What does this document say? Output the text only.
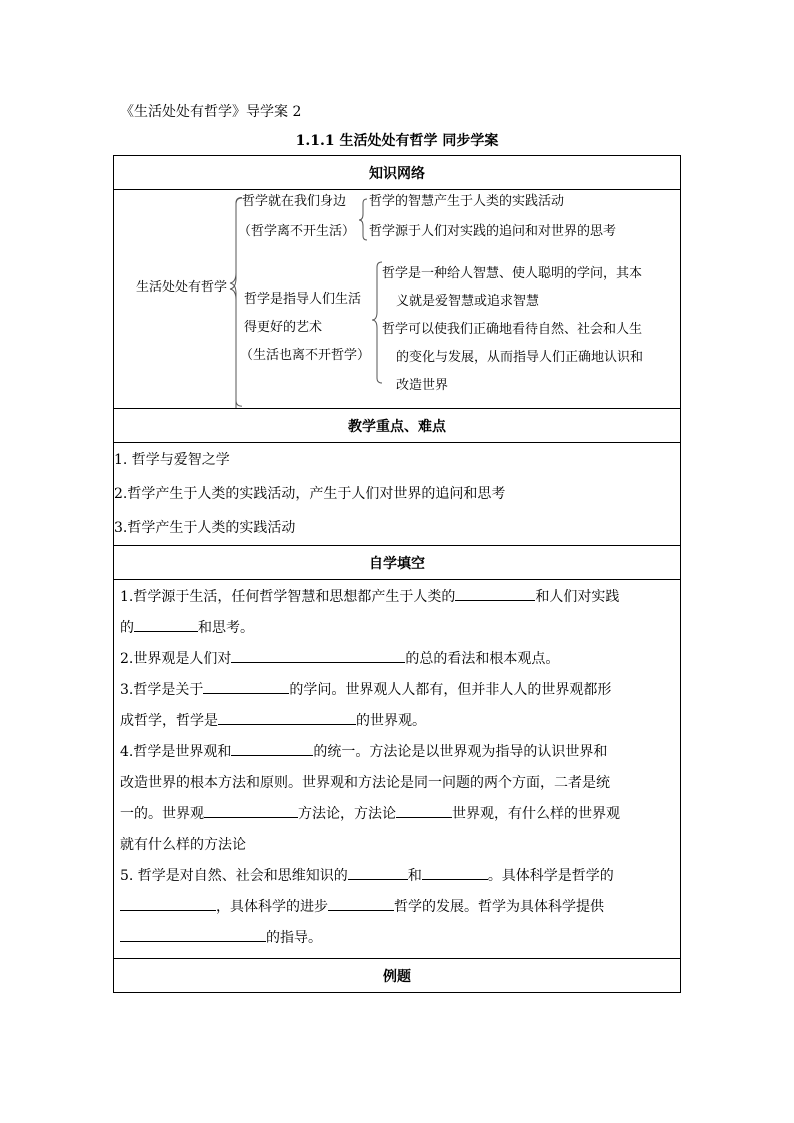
《生活处处有哲学》导学案 2
1.1.1 生活处处有哲学 同步学案
知识网络

生活处处有哲学
哲学就在我们身边
（哲学离不开生活）
哲学的智慧产生于人类的实践活动
哲学源于人们对实践的追问和对世界的思考
哲学是指导人们生活
得更好的艺术
（生活也离不开哲学）
哲学是一种给人智慧、使人聪明的学问，其本
义就是爱智慧或追求智慧
哲学可以使我们正确地看待自然、社会和人生
的变化与发展，从而指导人们正确地认识和
改造世界

教学重点、难点

1. 哲学与爱智之学

2.哲学产生于人类的实践活动，产生于人们对世界的追问和思考

3.哲学产生于人类的实践活动

自学填空

1.哲学源于生活，任何哲学智慧和思想都产生于人类的	和人们对实践

的	和思考。

2.世界观是人们对	的总的看法和根本观点。

3.哲学是关于	的学问。世界观人人都有，但并非人人的世界观都形

成哲学，哲学是	的世界观。

4.哲学是世界观和	的统一。方法论是以世界观为指导的认识世界和

改造世界的根本方法和原则。世界观和方法论是同一问题的两个方面，二者是统

一的。世界观	方法论，方法论	世界观，有什么样的世界观

就有什么样的方法论

5. 哲学是对自然、社会和思维知识的	和	。具体科学是哲学的

，具体科学的进步	哲学的发展。哲学为具体科学提供

的指导。

例题
